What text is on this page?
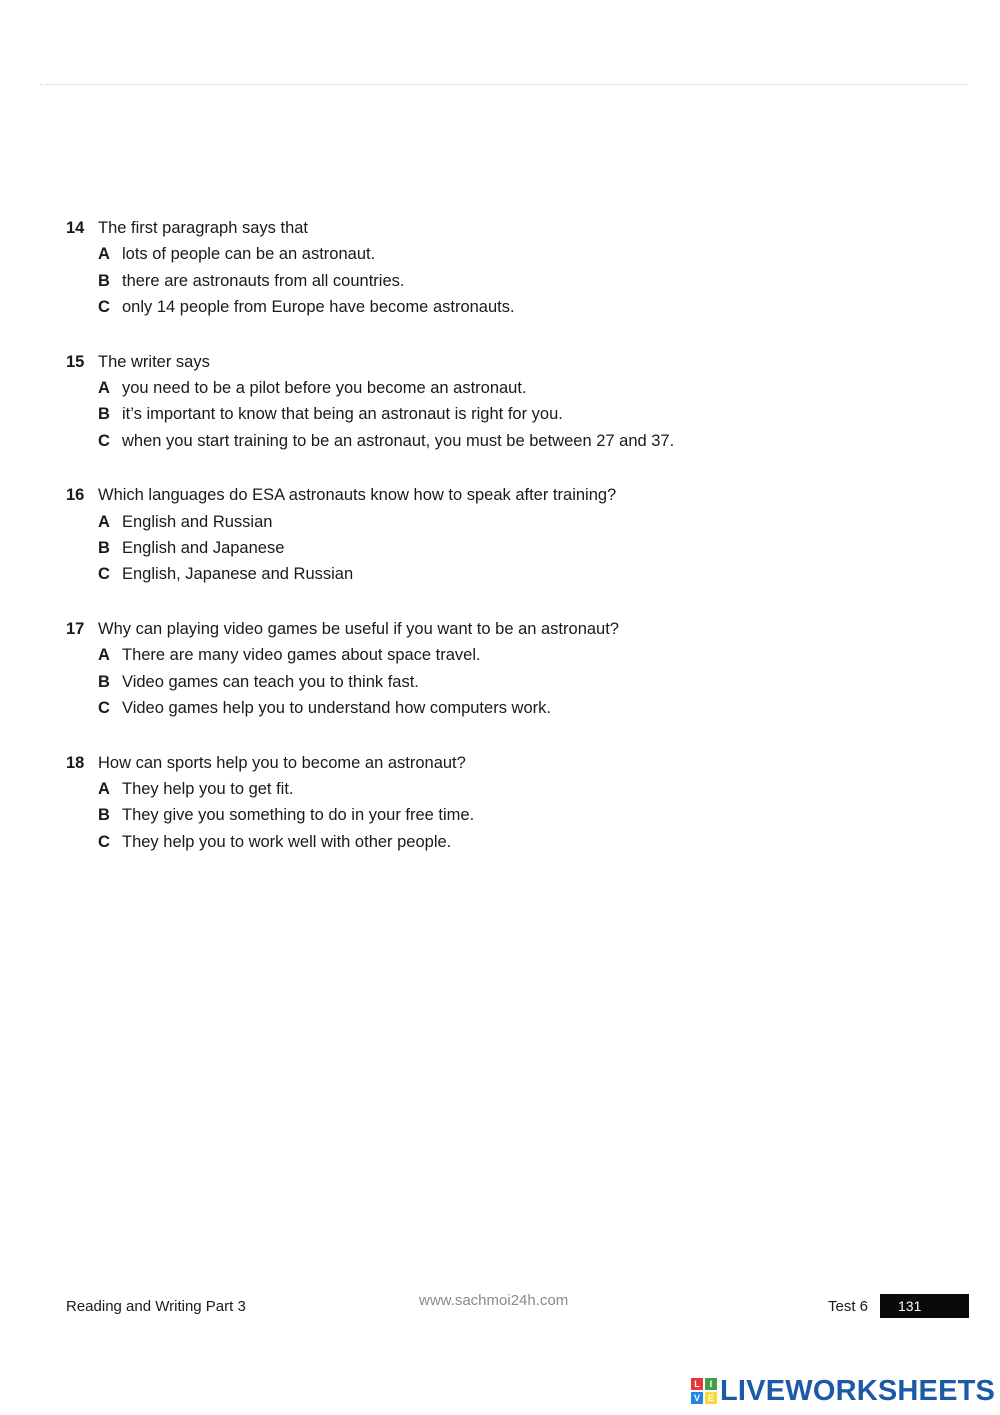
14 The first paragraph says that
A lots of people can be an astronaut.
B there are astronauts from all countries.
C only 14 people from Europe have become astronauts.
15 The writer says
A you need to be a pilot before you become an astronaut.
B it’s important to know that being an astronaut is right for you.
C when you start training to be an astronaut, you must be between 27 and 37.
16 Which languages do ESA astronauts know how to speak after training?
A English and Russian
B English and Japanese
C English, Japanese and Russian
17 Why can playing video games be useful if you want to be an astronaut?
A There are many video games about space travel.
B Video games can teach you to think fast.
C Video games help you to understand how computers work.
18 How can sports help you to become an astronaut?
A They help you to get fit.
B They give you something to do in your free time.
C They help you to work well with other people.
Reading and Writing Part 3	www.sachmoi24h.com	Test 6	131
L	I
V E LIVEWORKSHEETS
